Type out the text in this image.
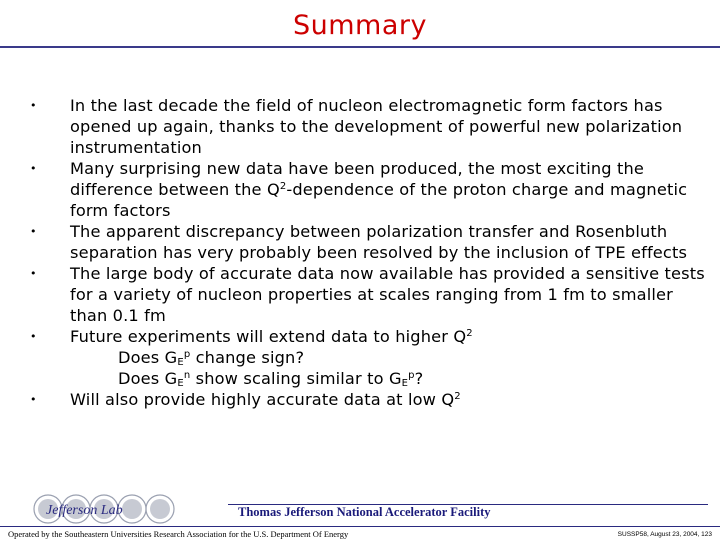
Summary
• In the last decade the field of nucleon electromagnetic form factors has opened up again, thanks to the development of powerful new polarization instrumentation
• Many surprising new data have been produced, the most exciting the difference between the $Q^2$-dependence of the proton charge and magnetic form factors
• The apparent discrepancy between polarization transfer and Rosenbluth separation has very probably been resolved by the inclusion of TPE effects
• The large body of accurate data now available has provided a sensitive tests for a variety of nucleon properties at scales ranging from 1 fm to smaller than 0.1 fm
• Future experiments will extend data to higher $Q^2$
Does $G_E^p$ change sign?
Does $G_E^n$ show scaling similar to $G_E^p$?
• Will also provide highly accurate data at low $Q^2$
Jefferson Lab	Thomas Jefferson National Accelerator Facility
Operated by the Southeastern Universities Research Association for the U.S. Department Of Energy	SUSSP58, August 23, 2004, 123
